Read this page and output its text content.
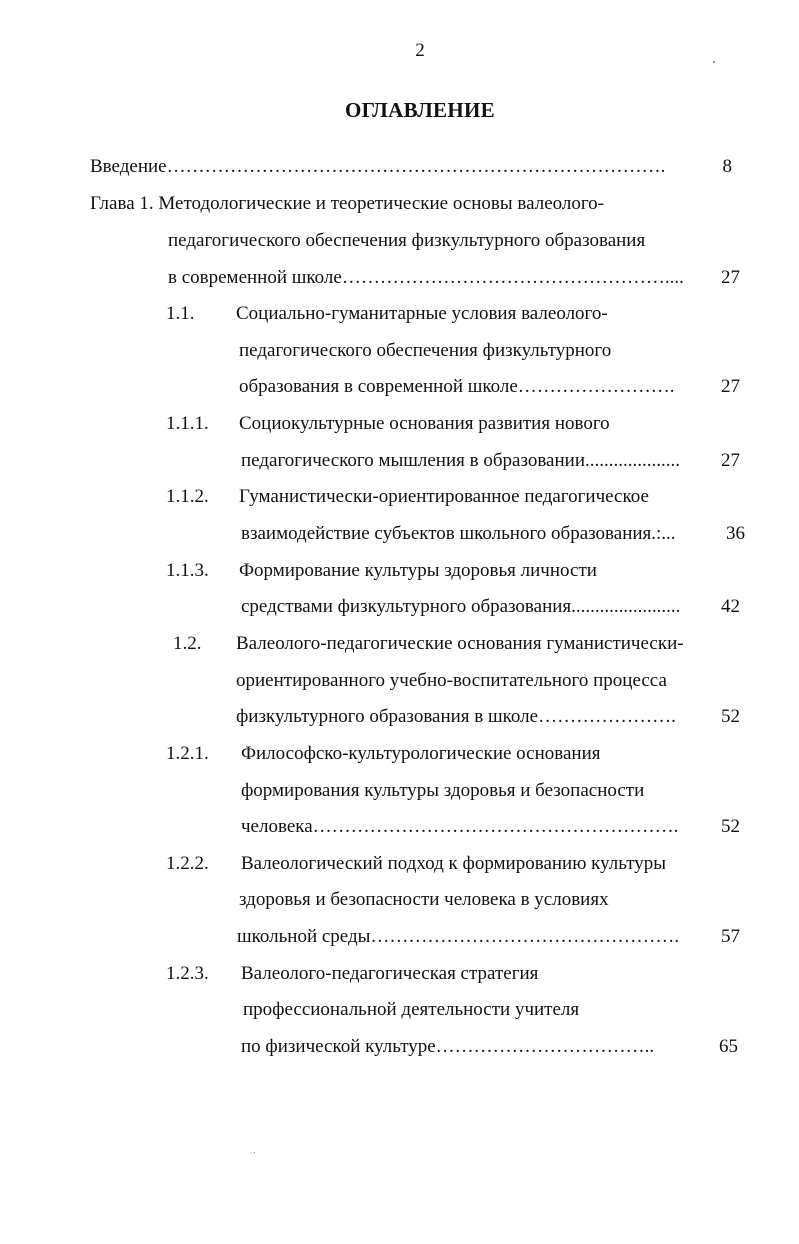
2
ОГЛАВЛЕНИЕ
Введение…………………………………………………………………….	8
Глава 1. Методологические и теоретические основы валеолого-
педагогического обеспечения физкультурного образования
в современной школе……………………………………………....	27
1.1. Социально-гуманитарные условия валеолого-
педагогического обеспечения физкультурного
образования в современной школе…………………….	27
1.1.1. Социокультурные основания развития нового
педагогического мышления в образовании....................	27
1.1.2. Гуманистически-ориентированное педагогическое
взаимодействие субъектов школьного образования.:...	36
1.1.3. Формирование культуры здоровья личности
средствами физкультурного образования.......................	42
1.2. Валеолого-педагогические основания гуманистически-
ориентированного учебно-воспитательного процесса
физкультурного образования в школе………………….	52
1.2.1. Философско-культурологические основания
формирования культуры здоровья и безопасности
человека………………………………………………….	52
1.2.2. Валеологический подход к формированию культуры
здоровья и безопасности человека в условиях
школьной среды………………………………………….	57
1.2.3. Валеолого-педагогическая стратегия
профессиональной деятельности учителя
по физической культуре……………………………..	65
